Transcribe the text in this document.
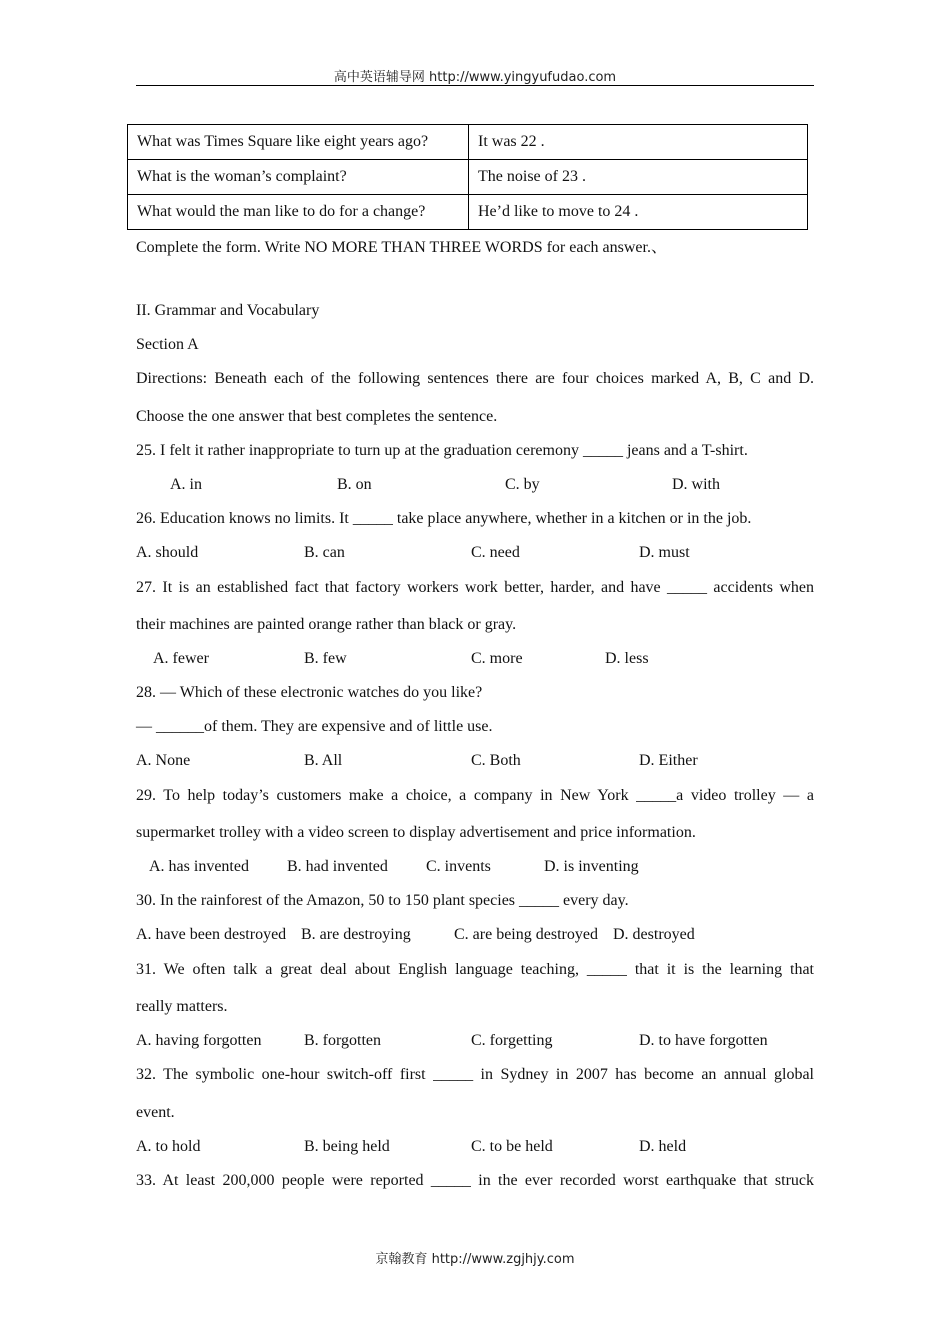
高中英语辅导网 http://www.yingyufudao.com
What was Times Square like eight years ago?	It was 22 .
What is the woman’s complaint?	The noise of 23 .
What would the man like to do for a change?	He’d like to move to 24 .
Complete the form. Write NO MORE THAN THREE WORDS for each answer.、
II. Grammar and Vocabulary
Section A
Directions: Beneath each of the following sentences there are four choices marked A, B, C and D.
Choose the one answer that best completes the sentence.
25. I felt it rather inappropriate to turn up at the graduation ceremony _____ jeans and a T-shirt.
A. in	B. on	C. by	D. with
26. Education knows no limits. It _____ take place anywhere, whether in a kitchen or in the job.
A. should	B. can	C. need	D. must
27. It is an established fact that factory workers work better, harder, and have _____ accidents when
their machines are painted orange rather than black or gray.
A. fewer	B. few	C. more	D. less
28. — Which of these electronic watches do you like?
— ______of them. They are expensive and of little use.
A. None	B. All	C. Both	D. Either
29. To help today’s customers make a choice, a company in New York _____a video trolley — a
supermarket trolley with a video screen to display advertisement and price information.
A. has invented B. had invented C. invents	D. is inventing
30. In the rainforest of the Amazon, 50 to 150 plant species _____ every day.
A. have been destroyed B. are destroying	C. are being destroyed D. destroyed
31. We often talk a great deal about English language teaching, _____ that it is the learning that
really matters.
A. having forgotten	B. forgotten	C. forgetting	D. to have forgotten
32. The symbolic one-hour switch-off first _____ in Sydney in 2007 has become an annual global
event.
A. to hold	B. being held	C. to be held	D. held
33. At least 200,000 people were reported _____ in the ever recorded worst earthquake that struck
京翰教育 http://www.zgjhjy.com
